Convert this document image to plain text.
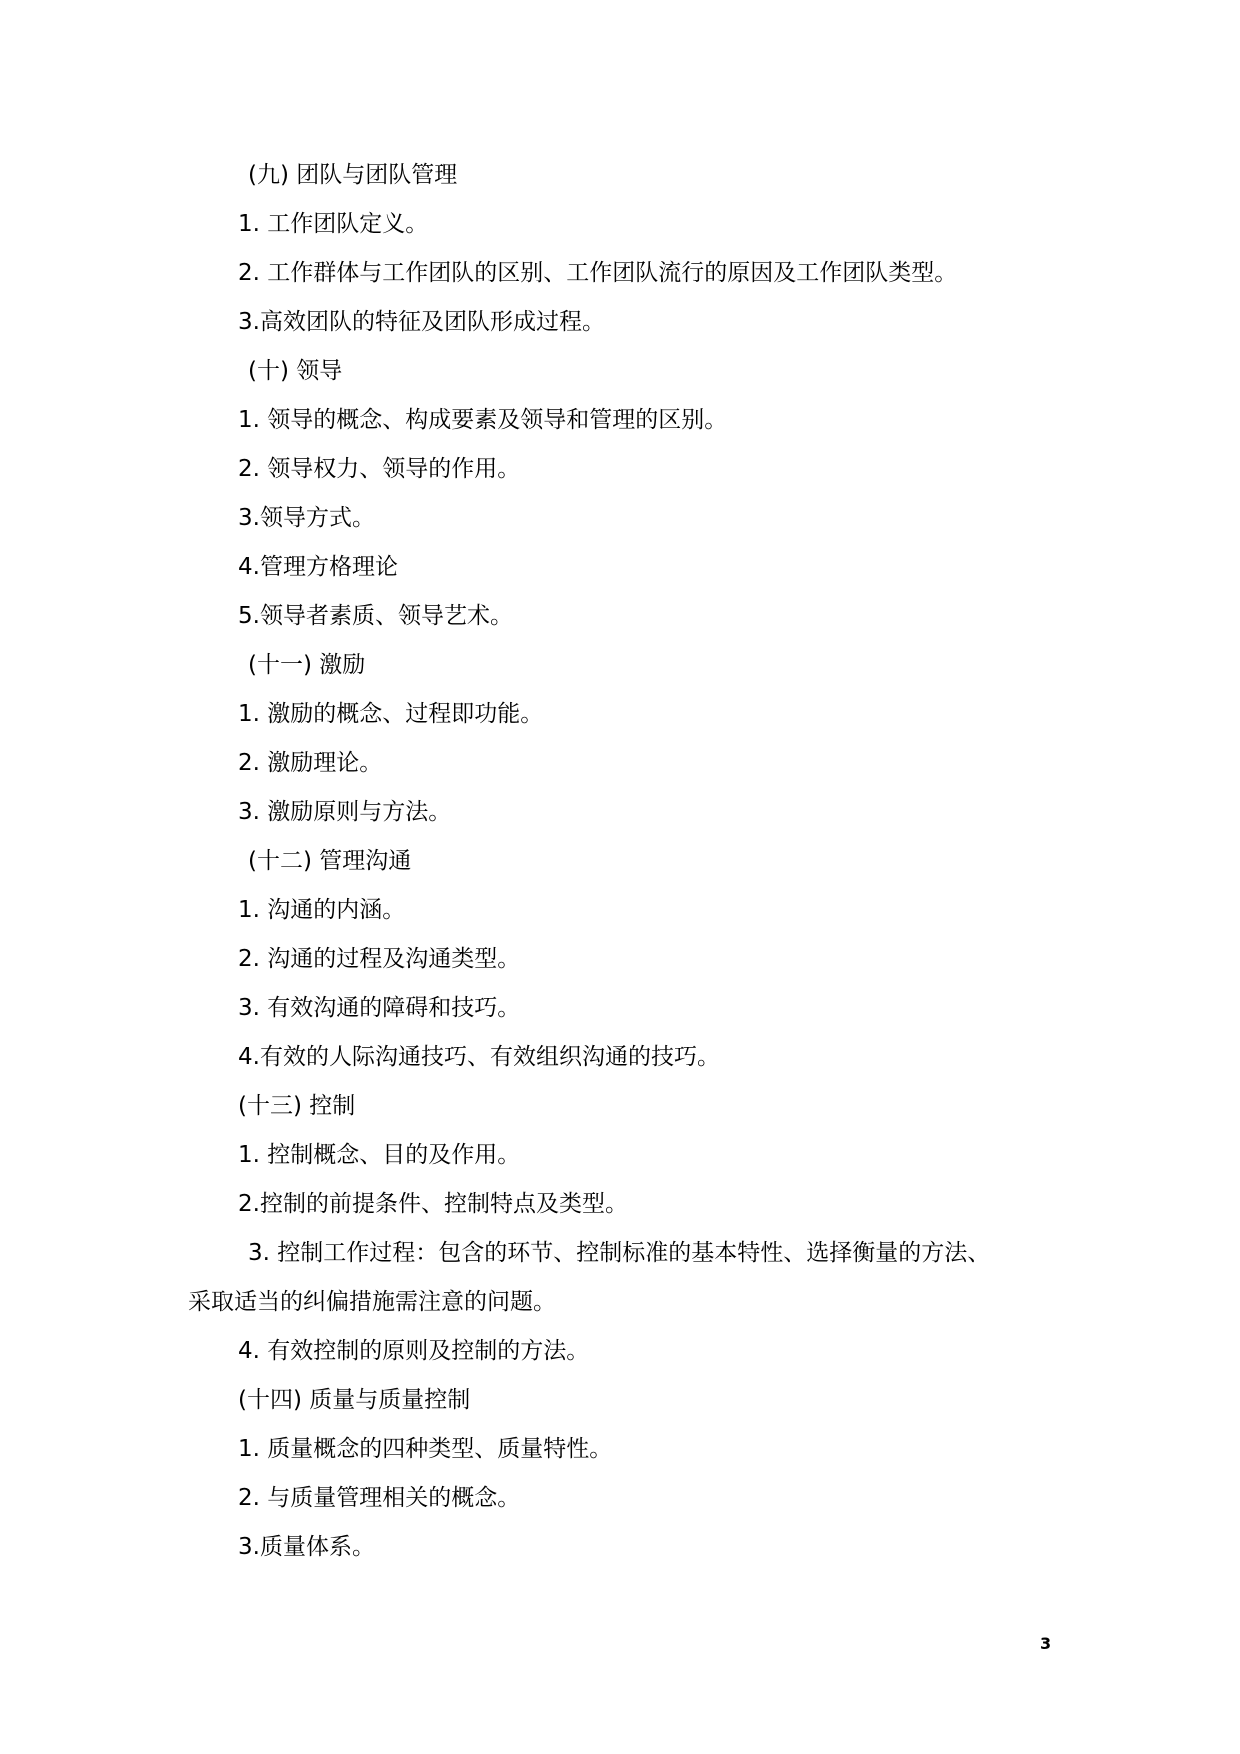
(九) 团队与团队管理
1. 工作团队定义。
2. 工作群体与工作团队的区别、工作团队流行的原因及工作团队类型。
3.高效团队的特征及团队形成过程。
(十) 领导
1. 领导的概念、构成要素及领导和管理的区别。
2. 领导权力、领导的作用。
3.领导方式。
4.管理方格理论
5.领导者素质、领导艺术。
(十一) 激励
1. 激励的概念、过程即功能。
2. 激励理论。
3. 激励原则与方法。
(十二) 管理沟通
1. 沟通的内涵。
2. 沟通的过程及沟通类型。
3. 有效沟通的障碍和技巧。
4.有效的人际沟通技巧、有效组织沟通的技巧。
(十三) 控制
1. 控制概念、目的及作用。
2.控制的前提条件、控制特点及类型。
3. 控制工作过程：包含的环节、控制标准的基本特性、选择衡量的方法、
采取适当的纠偏措施需注意的问题。
4. 有效控制的原则及控制的方法。
(十四) 质量与质量控制
1. 质量概念的四种类型、质量特性。
2. 与质量管理相关的概念。
3.质量体系。
3
